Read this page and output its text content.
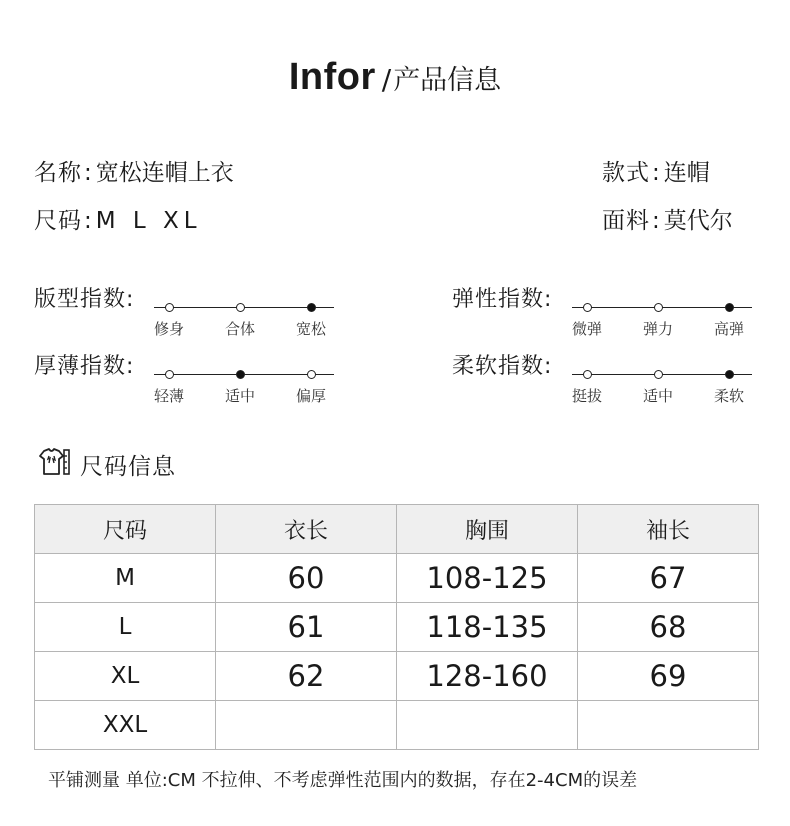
Infor /产品信息
名称: 宽松连帽上衣	款式: 连帽
尺码: M L XL	面料: 莫代尔
版型指数:
修身	合体	宽松
弹性指数:
微弹	弹力	高弹
厚薄指数:
轻薄	适中	偏厚
柔软指数:
挺拔	适中	柔软
尺码信息
尺码	衣长	胸围	袖长
M	60	108-125	67
L	61	118-135	68
XL	62	128-160	69
XXL			
平铺测量 单位:CM 不拉伸、不考虑弹性范围内的数据，存在2-4CM的误差
